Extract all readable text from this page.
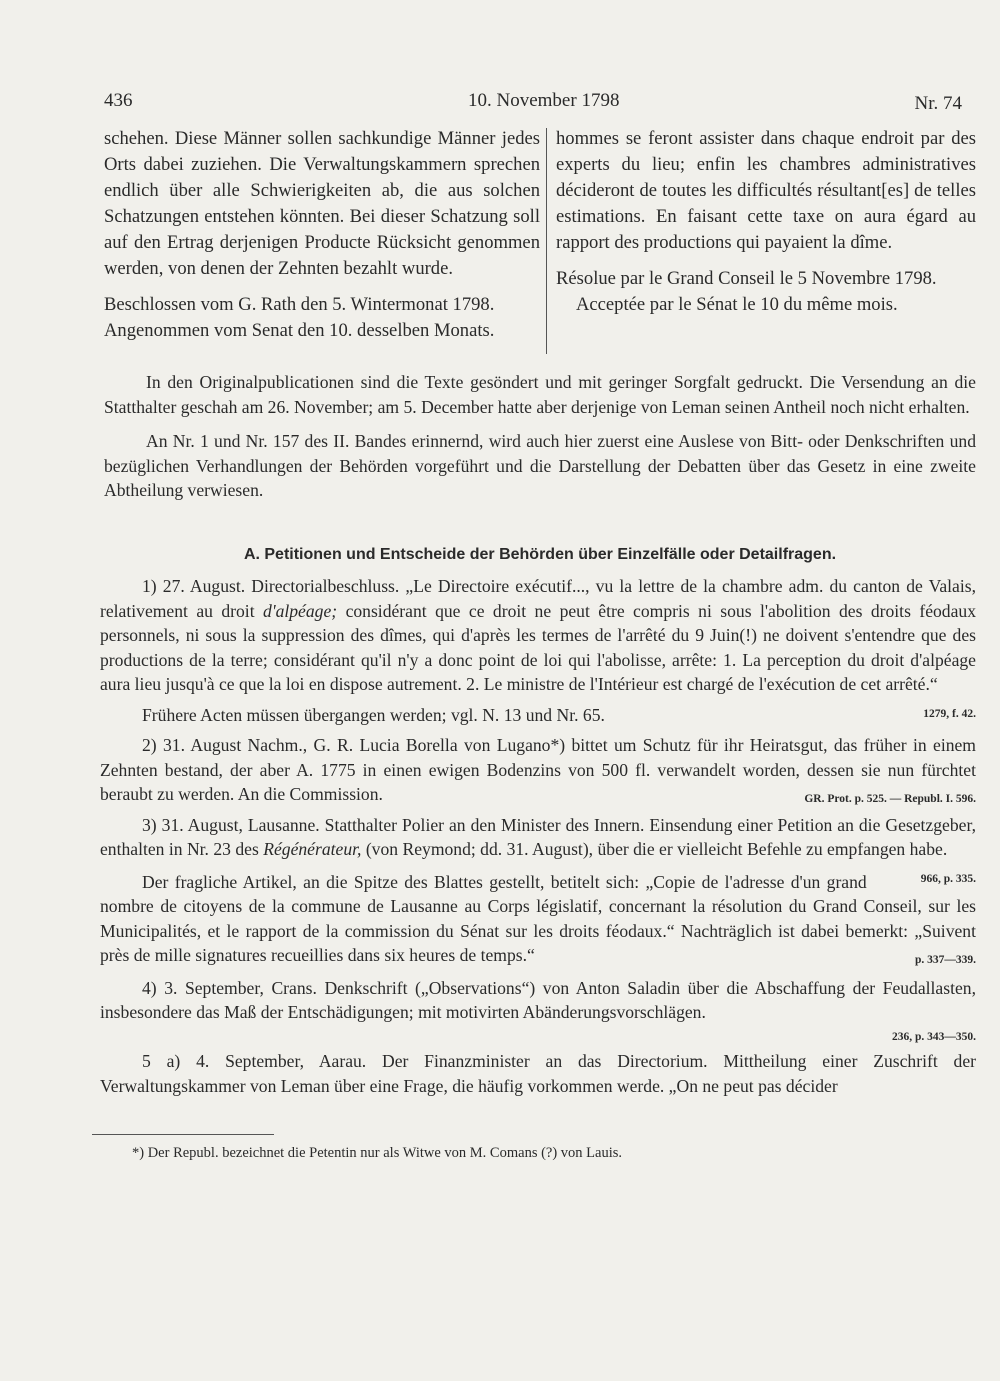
436	10. November 1798	Nr. 74

schehen. Diese Männer sollen sachkundige Männer jedes Orts dabei zuziehen. Die Verwaltungskammern sprechen endlich über alle Schwierigkeiten ab, die aus solchen Schatzungen entstehen könnten. Bei dieser Schatzung soll auf den Ertrag derjenigen Producte Rücksicht genommen werden, von denen der Zehnten bezahlt wurde.

Beschlossen vom G. Rath den 5. Wintermonat 1798.

Angenommen vom Senat den 10. desselben Monats.

hommes se feront assister dans chaque endroit par des experts du lieu; enfin les chambres administratives décideront de toutes les difficultés résultant[es] de telles estimations. En faisant cette taxe on aura égard au rapport des productions qui payaient la dîme.

Résolue par le Grand Conseil le 5 Novembre 1798.

Acceptée par le Sénat le 10 du même mois.

In den Originalpublicationen sind die Texte gesöndert und mit geringer Sorgfalt gedruckt. Die Versendung an die Statthalter geschah am 26. November; am 5. December hatte aber derjenige von Leman seinen Antheil noch nicht erhalten.

An Nr. 1 und Nr. 157 des II. Bandes erinnernd, wird auch hier zuerst eine Auslese von Bitt- oder Denkschriften und bezüglichen Verhandlungen der Behörden vorgeführt und die Darstellung der Debatten über das Gesetz in eine zweite Abtheilung verwiesen.

A. Petitionen und Entscheide der Behörden über Einzelfälle oder Detailfragen.

1) 27. August. Directorialbeschluss. „Le Directoire exécutif..., vu la lettre de la chambre adm. du canton de Valais, relativement au droit d'alpéage; considérant que ce droit ne peut être compris ni sous l'abolition des droits féodaux personnels, ni sous la suppression des dîmes, qui d'après les termes de l'arrêté du 9 Juin(!) ne doivent s'entendre que des productions de la terre; considérant qu'il n'y a donc point de loi qui l'abolisse, arrête: 1. La perception du droit d'alpéage aura lieu jusqu'à ce que la loi en dispose autrement. 2. Le ministre de l'Intérieur est chargé de l'exécution de cet arrêté.“
1279, f. 42.

Frühere Acten müssen übergangen werden; vgl. N. 13 und Nr. 65.

2) 31. August Nachm., G. R. Lucia Borella von Lugano*) bittet um Schutz für ihr Heiratsgut, das früher in einem Zehnten bestand, der aber A. 1775 in einen ewigen Bodenzins von 500 fl. verwandelt worden, dessen sie nun fürchtet beraubt zu werden. An die Commission.	GR. Prot. p. 525. — Republ. I. 596.

3) 31. August, Lausanne. Statthalter Polier an den Minister des Innern. Einsendung einer Petition an die Gesetzgeber, enthalten in Nr. 23 des Régénérateur, (von Reymond; dd. 31. August), über die er vielleicht Befehle zu empfangen habe.
966, p. 335.

Der fragliche Artikel, an die Spitze des Blattes gestellt, betitelt sich: „Copie de l'adresse d'un grand nombre de citoyens de la commune de Lausanne au Corps législatif, concernant la résolution du Grand Conseil, sur les Municipalités, et le rapport de la commission du Sénat sur les droits féodaux.“ Nachträglich ist dabei bemerkt: „Suivent près de mille signatures recueillies dans six heures de temps.“	p. 337—339.

4) 3. September, Crans. Denkschrift („Observations“) von Anton Saladin über die Abschaffung der Feudallasten, insbesondere das Maß der Entschädigungen; mit motivirten Abänderungsvorschlägen.

236, p. 343—350.

5 a) 4. September, Aarau. Der Finanzminister an das Directorium. Mittheilung einer Zuschrift der Verwaltungskammer von Leman über eine Frage, die häufig vorkommen werde. „On ne peut pas décider

*) Der Republ. bezeichnet die Petentin nur als Witwe von M. Comans (?) von Lauis.
